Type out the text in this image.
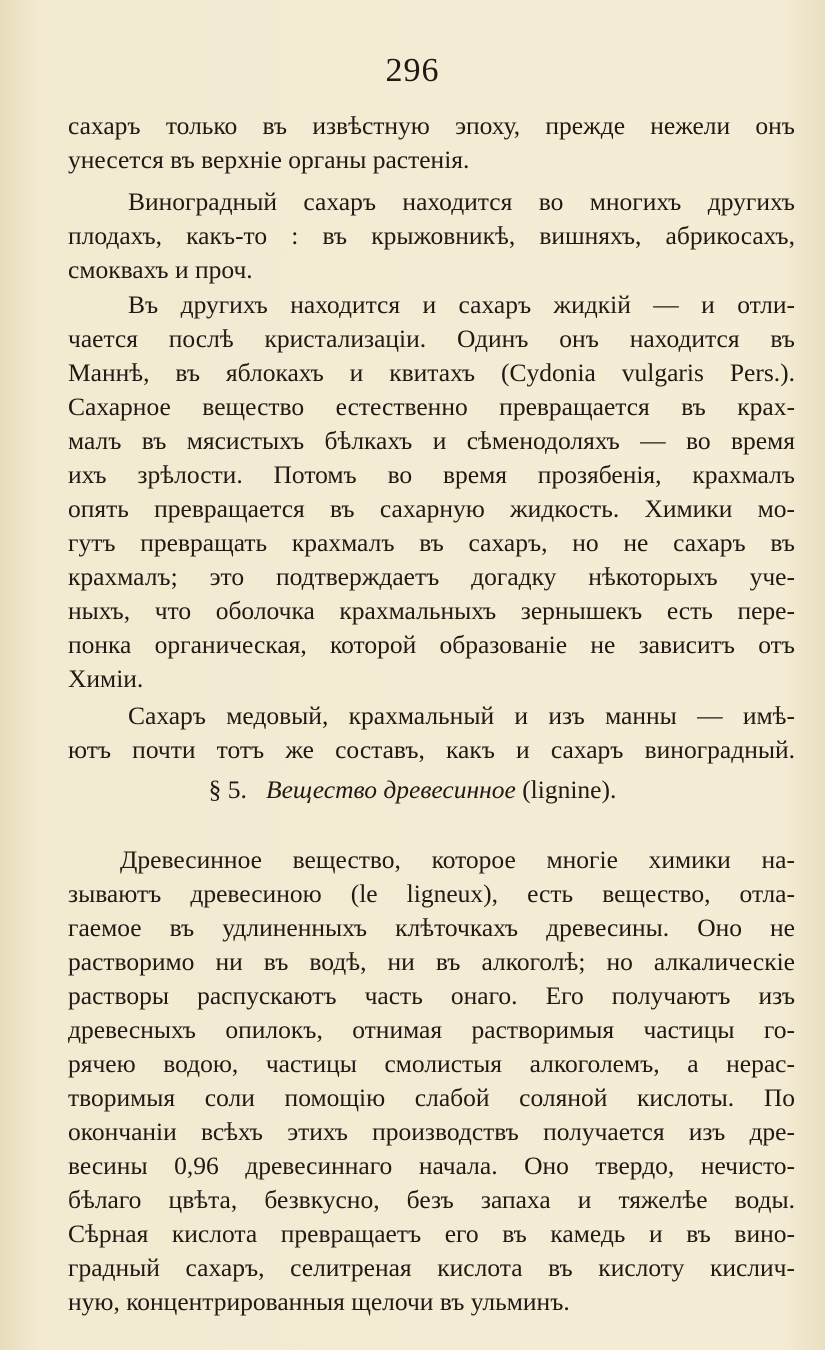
296
сахаръ только въ извѣстную эпоху, прежде нежели онъ
унесется въ верхнiе органы растенiя.
Виноградный сахаръ находится во многихъ другихъ
плодахъ, какъ-то : въ крыжовникѣ, вишняхъ, абрикосахъ,
смоквахъ и проч.
Въ другихъ находится и сахаръ жидкiй — и отли-
чается послѣ кристализацiи. Одинъ онъ находится въ
Маннѣ, въ яблокахъ и квитахъ (Cydonia vulgaris Pers.).
Сахарное вещество естественно превращается въ крах-
малъ въ мясистыхъ бѣлкахъ и сѣменодоляхъ — во время
ихъ зрѣлости. Потомъ во время прозябенiя, крахмалъ
опять превращается въ сахарную жидкость. Химики мо-
гутъ превращать крахмалъ въ сахаръ, но не сахаръ въ
крахмалъ; это подтверждаетъ догадку нѣкоторыхъ уче-
ныхъ, что оболочка крахмальныхъ зернышекъ есть пере-
понка органическая, которой образованiе не зависитъ отъ
Химiи.
Сахаръ медовый, крахмальный и изъ манны — имѣ-
ютъ почти тотъ же составъ, какъ и сахаръ виноградный.
§ 5. Вещество древесинное (lignine).
Древесинное вещество, которое многiе химики на-
зываютъ древесиною (le ligneux), есть вещество, отла-
гаемое въ удлиненныхъ клѣточкахъ древесины. Оно не
растворимо ни въ водѣ, ни въ алкоголѣ; но алкалическiе
растворы распускаютъ часть онаго. Его получаютъ изъ
древесныхъ опилокъ, отнимая растворимыя частицы го-
рячею водою, частицы смолистыя алкоголемъ, а нерас-
творимыя соли помощiю слабой соляной кислоты. По
окончанiи всѣхъ этихъ производствъ получается изъ дре-
весины 0,96 древесиннаго начала. Оно твердо, нечисто-
бѣлаго цвѣта, безвкусно, безъ запаха и тяжелѣе воды.
Сѣрная кислота превращаетъ его въ камедь и въ вино-
градный сахаръ, селитреная кислота въ кислоту кислич-
ную, концентрированныя щелочи въ ульминъ.
